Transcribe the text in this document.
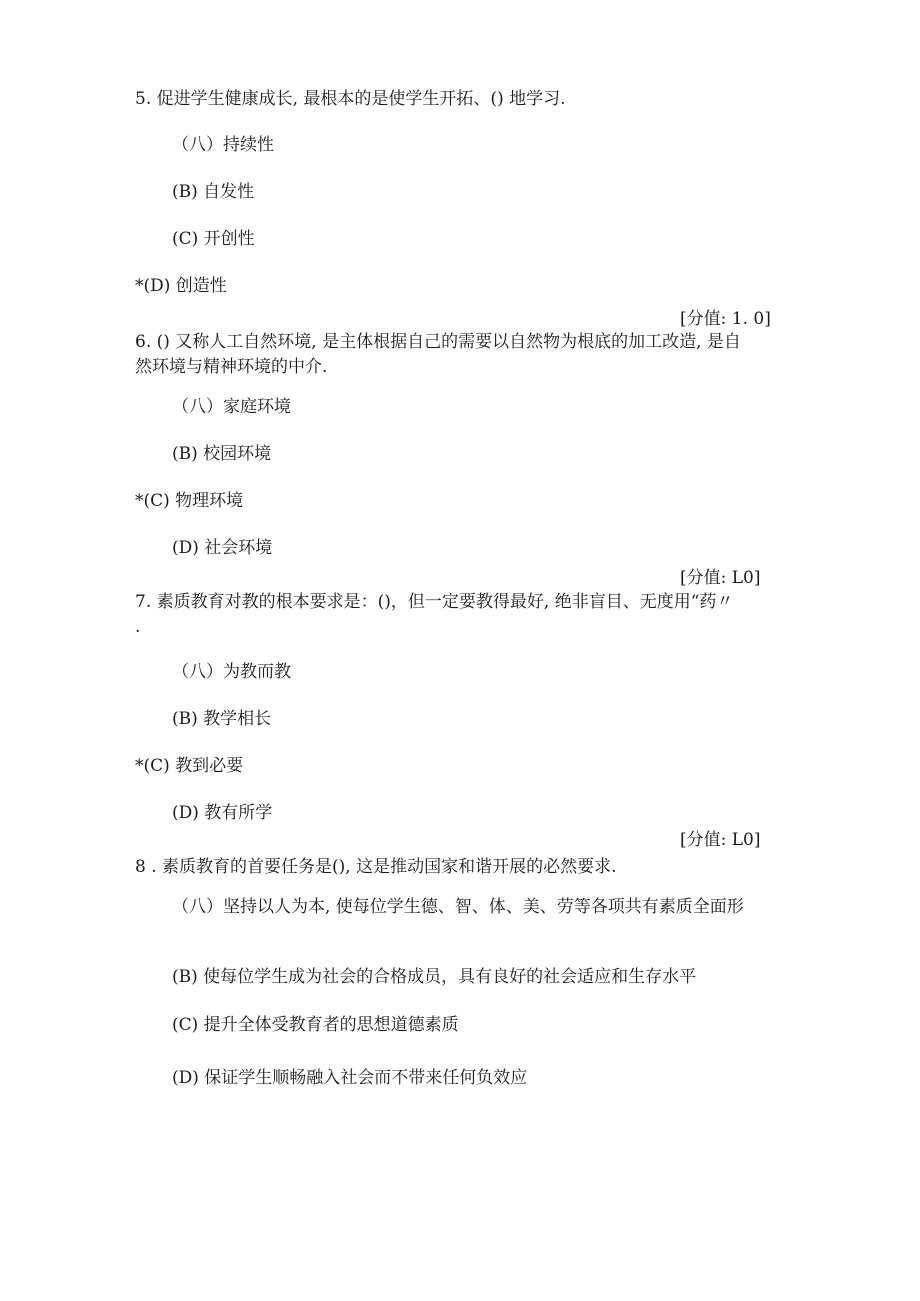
5. 促进学生健康成长, 最根本的是使学生开拓、() 地学习.
（八）持续性
(B) 自发性
(C) 开创性
*(D) 创造性
[分值: 1. 0]
6. () 又称人工自然环境, 是主体根据自己的需要以自然物为根底的加工改造, 是自
然环境与精神环境的中介.
（八）家庭环境
(B) 校园环境
*(C) 物理环境
(D) 社会环境
[分值: L0]
7. 素质教育对教的根本要求是：()，但一定要教得最好, 绝非盲目、无度用“药〃
.
（八）为教而教
(B) 教学相长
*(C) 教到必要
(D) 教有所学
[分值: L0]
8 . 素质教育的首要任务是(), 这是推动国家和谐开展的必然要求.
（八）坚持以人为本, 使每位学生德、智、体、美、劳等各项共有素质全面形
(B) 使每位学生成为社会的合格成员，具有良好的社会适应和生存水平
(C) 提升全体受教育者的思想道德素质
(D) 保证学生顺畅融入社会而不带来任何负效应
